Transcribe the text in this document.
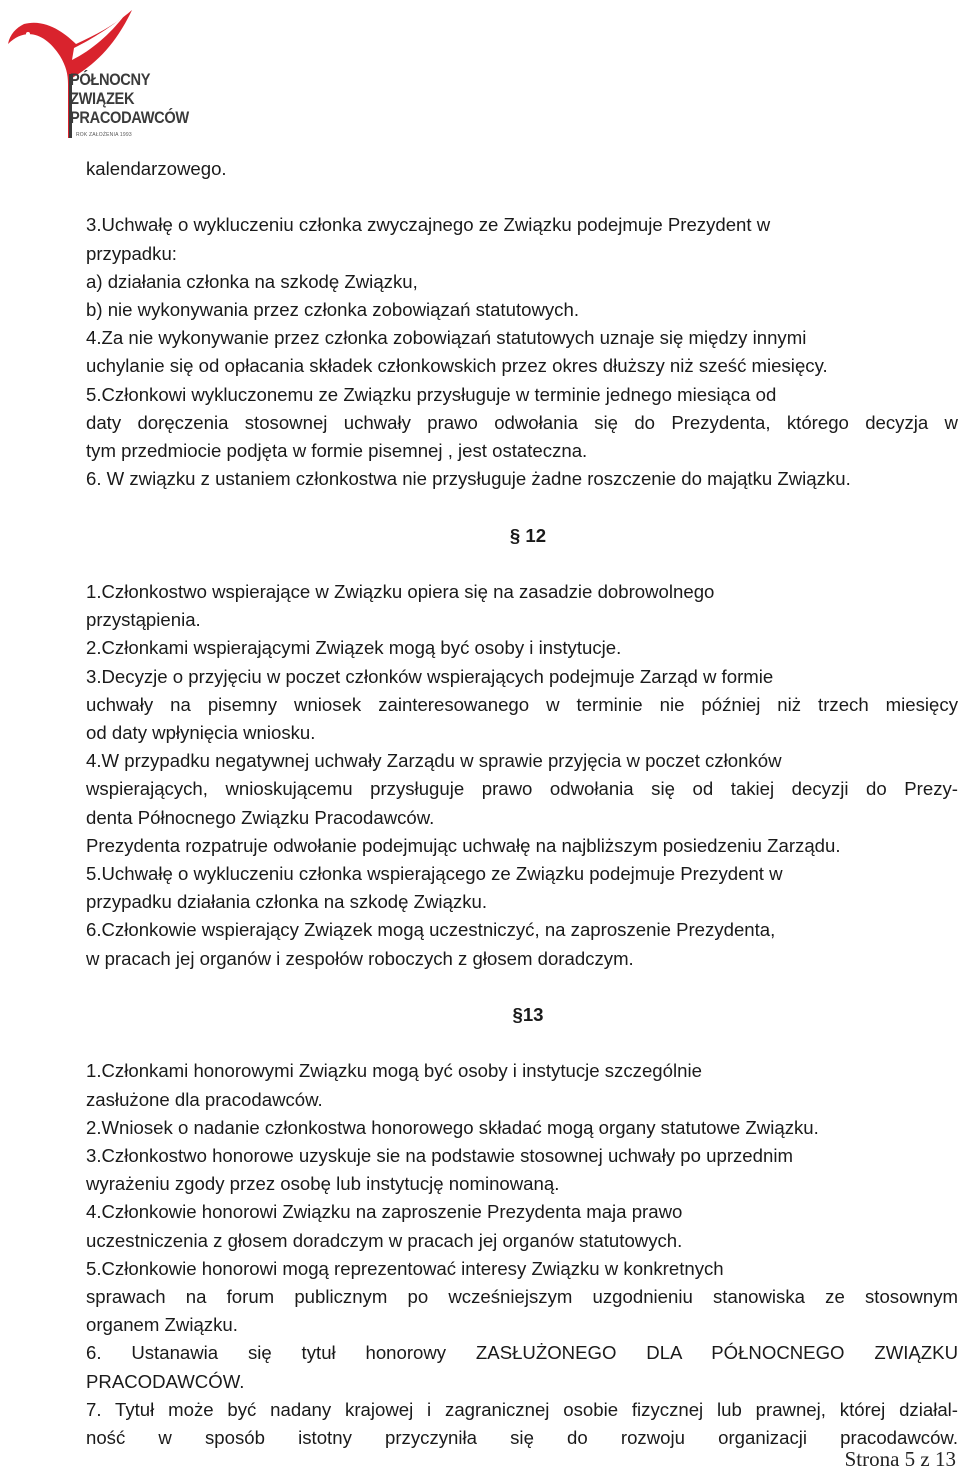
PÓŁNOCNY
ZWIĄZEK
PRACODAWCÓW
ROK ZAŁOŻENIA 1993

kalendarzowego.

3.Uchwałę o wykluczeniu członka zwyczajnego ze Związku podejmuje Prezydent w

przypadku:

a) działania członka na szkodę Związku,

b) nie wykonywania przez członka zobowiązań statutowych.

4.Za nie wykonywanie przez członka zobowiązań statutowych uznaje się między innymi

uchylanie się od opłacania składek członkowskich przez okres dłuższy niż sześć miesięcy.

5.Członkowi wykluczonemu ze Związku przysługuje w terminie jednego miesiąca od

daty doręczenia stosownej uchwały prawo odwołania się do Prezydenta, którego decyzja w

tym przedmiocie podjęta w formie pisemnej , jest ostateczna.

6. W związku z ustaniem członkostwa nie przysługuje żadne roszczenie do majątku Związku.

§ 12

1.Członkostwo wspierające w Związku opiera się na zasadzie dobrowolnego

przystąpienia.

2.Członkami wspierającymi Związek mogą być osoby i instytucje.

3.Decyzje o przyjęciu w poczet członków wspierających podejmuje Zarząd w formie

uchwały na pisemny wniosek zainteresowanego w terminie nie później niż trzech miesięcy

od daty wpłynięcia wniosku.

4.W przypadku negatywnej uchwały Zarządu w sprawie przyjęcia w poczet członków

wspierających, wnioskującemu przysługuje prawo odwołania się od takiej decyzji do Prezy-

denta Północnego Związku Pracodawców.

Prezydenta rozpatruje odwołanie podejmując uchwałę na najbliższym posiedzeniu Zarządu.

5.Uchwałę o wykluczeniu członka wspierającego ze Związku podejmuje Prezydent w

przypadku działania członka na szkodę Związku.

6.Członkowie wspierający Związek mogą uczestniczyć, na zaproszenie Prezydenta,

w pracach jej organów i zespołów roboczych z głosem doradczym.

§13

1.Członkami honorowymi Związku mogą być osoby i instytucje szczególnie

zasłużone dla pracodawców.

2.Wniosek o nadanie członkostwa honorowego składać mogą organy statutowe Związku.

3.Członkostwo honorowe uzyskuje sie na podstawie stosownej uchwały po uprzednim

wyrażeniu zgody przez osobę lub instytucję nominowaną.

4.Członkowie honorowi Związku na zaproszenie Prezydenta maja prawo

uczestniczenia z głosem doradczym w pracach jej organów statutowych.

5.Członkowie honorowi mogą reprezentować interesy Związku w konkretnych

sprawach na forum publicznym po wcześniejszym uzgodnieniu stanowiska ze stosownym

organem Związku.

6. Ustanawia się tytuł honorowy ZASŁUŻONEGO DLA PÓŁNOCNEGO ZWIĄZKU

PRACODAWCÓW.

7. Tytuł może być nadany krajowej i zagranicznej osobie fizycznej lub prawnej, której działal-

ność w sposób istotny przyczyniła się do rozwoju organizacji pracodawców.

Strona 5 z 13
